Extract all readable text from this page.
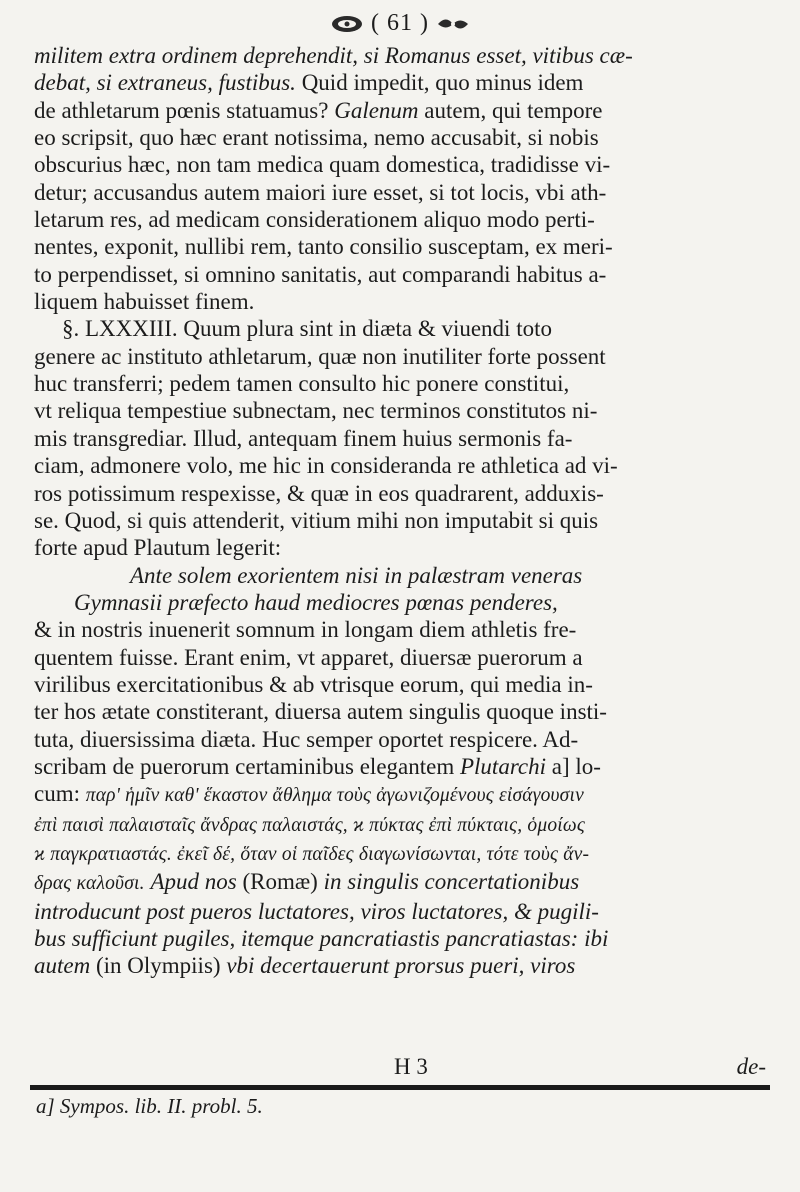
( 61 )

militem extra ordinem deprehendit, si Romanus esset, vitibus cæ-

debat, si extraneus, fustibus. Quid impedit, quo minus idem

de athletarum pœnis statuamus? Galenum autem, qui tempore

eo scripsit, quo hæc erant notissima, nemo accusabit, si nobis

obscurius hæc, non tam medica quam domestica, tradidisse vi-

detur; accusandus autem maiori iure esset, si tot locis, vbi ath-

letarum res, ad medicam considerationem aliquo modo perti-

nentes, exponit, nullibi rem, tanto consilio susceptam, ex meri-

to perpendisset, si omnino sanitatis, aut comparandi habitus a-

liquem habuisset finem.

§. LXXXIII. Quum plura sint in diæta & viuendi toto

genere ac instituto athletarum, quæ non inutiliter forte possent

huc transferri; pedem tamen consulto hic ponere constitui,

vt reliqua tempestiue subnectam, nec terminos constitutos ni-

mis transgrediar. Illud, antequam finem huius sermonis fa-

ciam, admonere volo, me hic in consideranda re athletica ad vi-

ros potissimum respexisse, & quæ in eos quadrarent, adduxis-

se. Quod, si quis attenderit, vitium mihi non imputabit si quis

forte apud Plautum legerit:

Ante solem exorientem nisi in palæstram veneras

Gymnasii præfecto haud mediocres pœnas penderes,

& in nostris inuenerit somnum in longam diem athletis fre-

quentem fuisse. Erant enim, vt apparet, diuersæ puerorum a

virilibus exercitationibus & ab vtrisque eorum, qui media in-

ter hos ætate constiterant, diuersa autem singulis quoque insti-

tuta, diuersissima diæta. Huc semper oportet respicere. Ad-

scribam de puerorum certaminibus elegantem Plutarchi a] lo-

cum: παρ' ἡμῖν καθ' ἕκαστον ἄθλημα τοὺς ἀγωνιζομένους εἰσάγουσιν

ἐπὶ παισὶ παλαισταῖς ἄνδρας παλαιστάς, ϰ πύκτας ἐπὶ πύκταις, ὁμοίως

ϰ παγκρατιαστάς. ἐκεῖ δέ, ὅταν οἱ παῖδες διαγωνίσωνται, τότε τοὺς ἄν-

δρας καλοῦσι. Apud nos (Romæ) in singulis concertationibus

introducunt post pueros luctatores, viros luctatores, & pugili-

bus sufficiunt pugiles, itemque pancratiastis pancratiastas: ibi

autem (in Olympiis) vbi decertauerunt prorsus pueri, viros

H 3	de-
a] Sympos. lib. II. probl. 5.
